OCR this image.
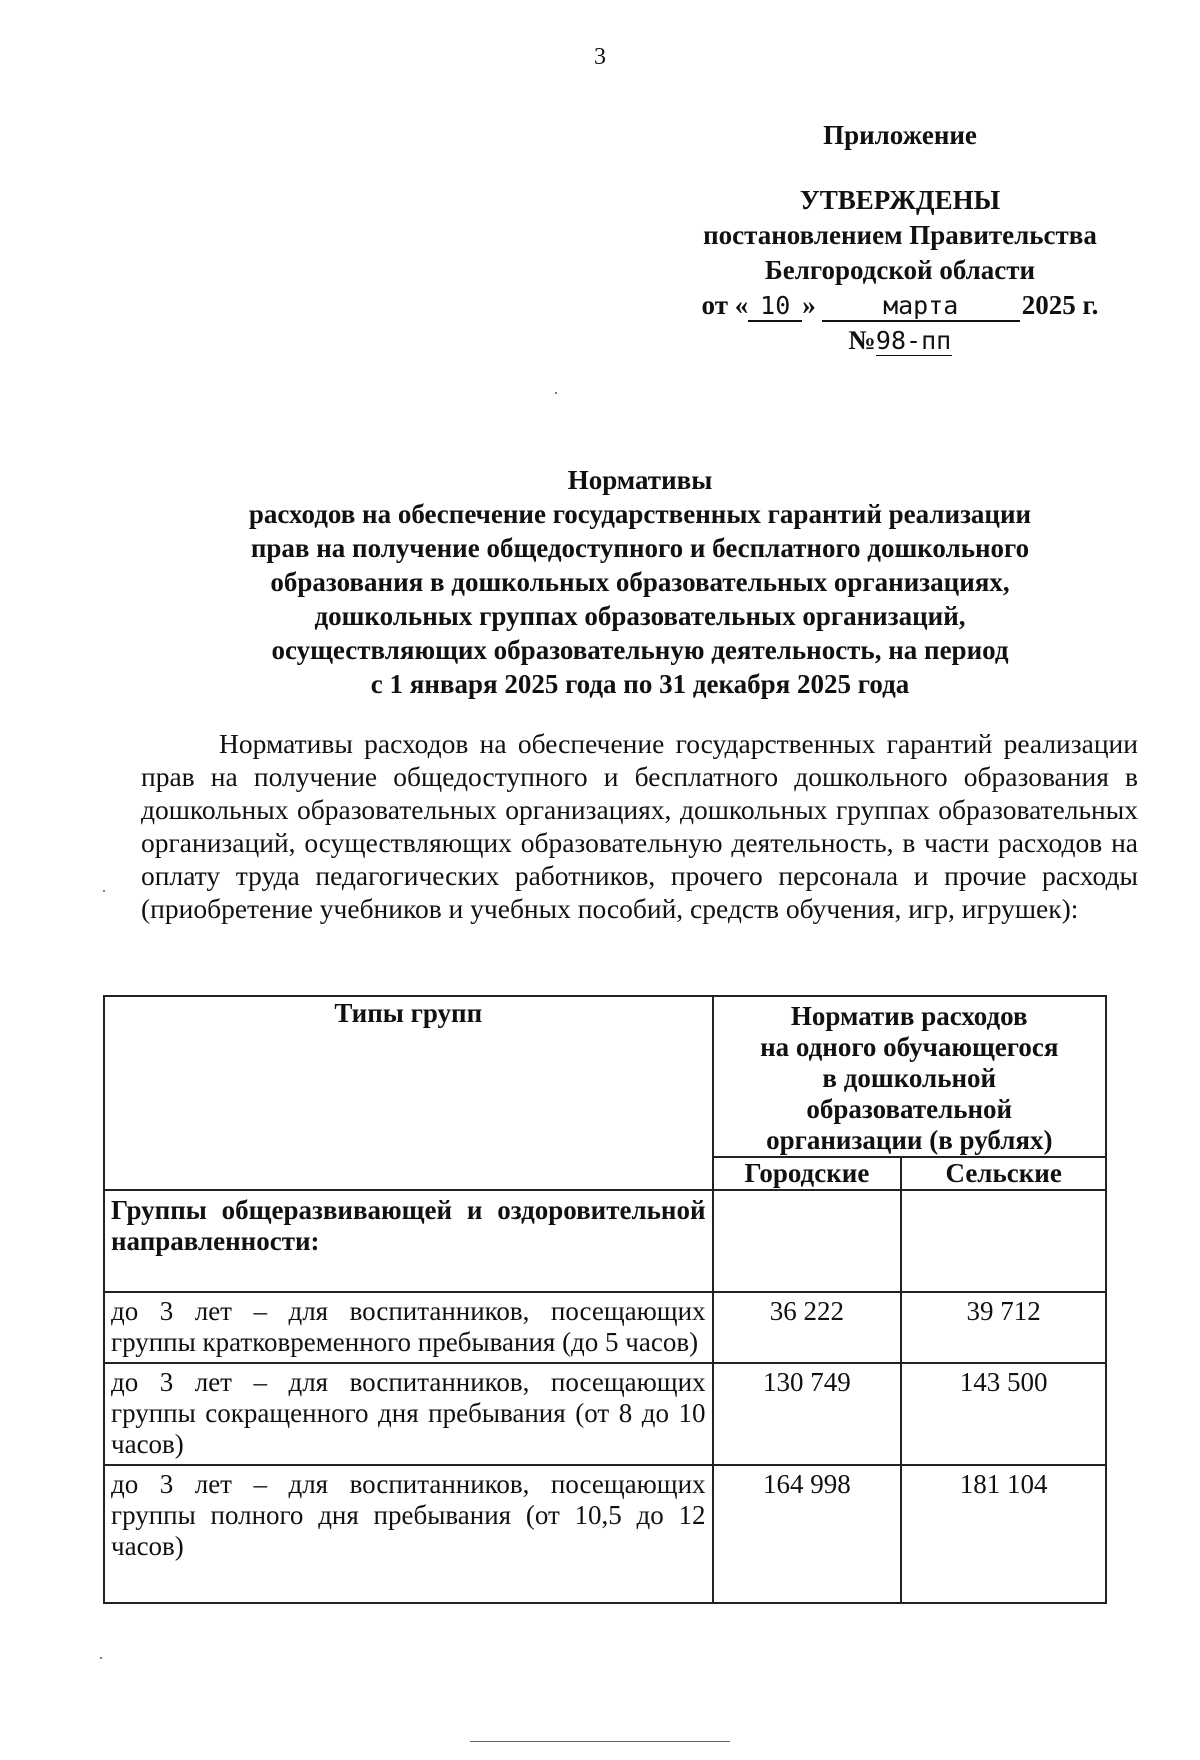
3
Приложение
УТВЕРЖДЕНЫ
постановлением Правительства
Белгородской области
от « 10 »	марта	2025 г.
№98-пп
Нормативы
расходов на обеспечение государственных гарантий реализации
прав на получение общедоступного и бесплатного дошкольного
образования в дошкольных образовательных организациях,
дошкольных группах образовательных организаций,
осуществляющих образовательную деятельность, на период
с 1 января 2025 года по 31 декабря 2025 года

Нормативы расходов на обеспечение государственных гарантий реализации прав на получение общедоступного и бесплатного дошкольного образования в дошкольных образовательных организациях, дошкольных группах образовательных организаций, осуществляющих образовательную деятельность, в части расходов на оплату труда педагогических работников, прочего персонала и прочие расходы (приобретение учебников и учебных пособий, средств обучения, игр, игрушек):

Типы групп	Норматив расходов
на одного обучающегося
в дошкольной
образовательной
организации (в рублях)	

	Городские	Сельские
Группы общеразвивающей и оздоровительной направленности:		
до 3 лет – для воспитанников, посещающих группы кратковременного пребывания (до 5 часов)	36 222	39 712
до 3 лет – для воспитанников, посещающих группы сокращенного дня пребывания (от 8 до 10 часов)	130 749	143 500
до 3 лет – для воспитанников, посещающих группы полного дня пребывания (от 10,5 до 12 часов)	164 998	181 104
